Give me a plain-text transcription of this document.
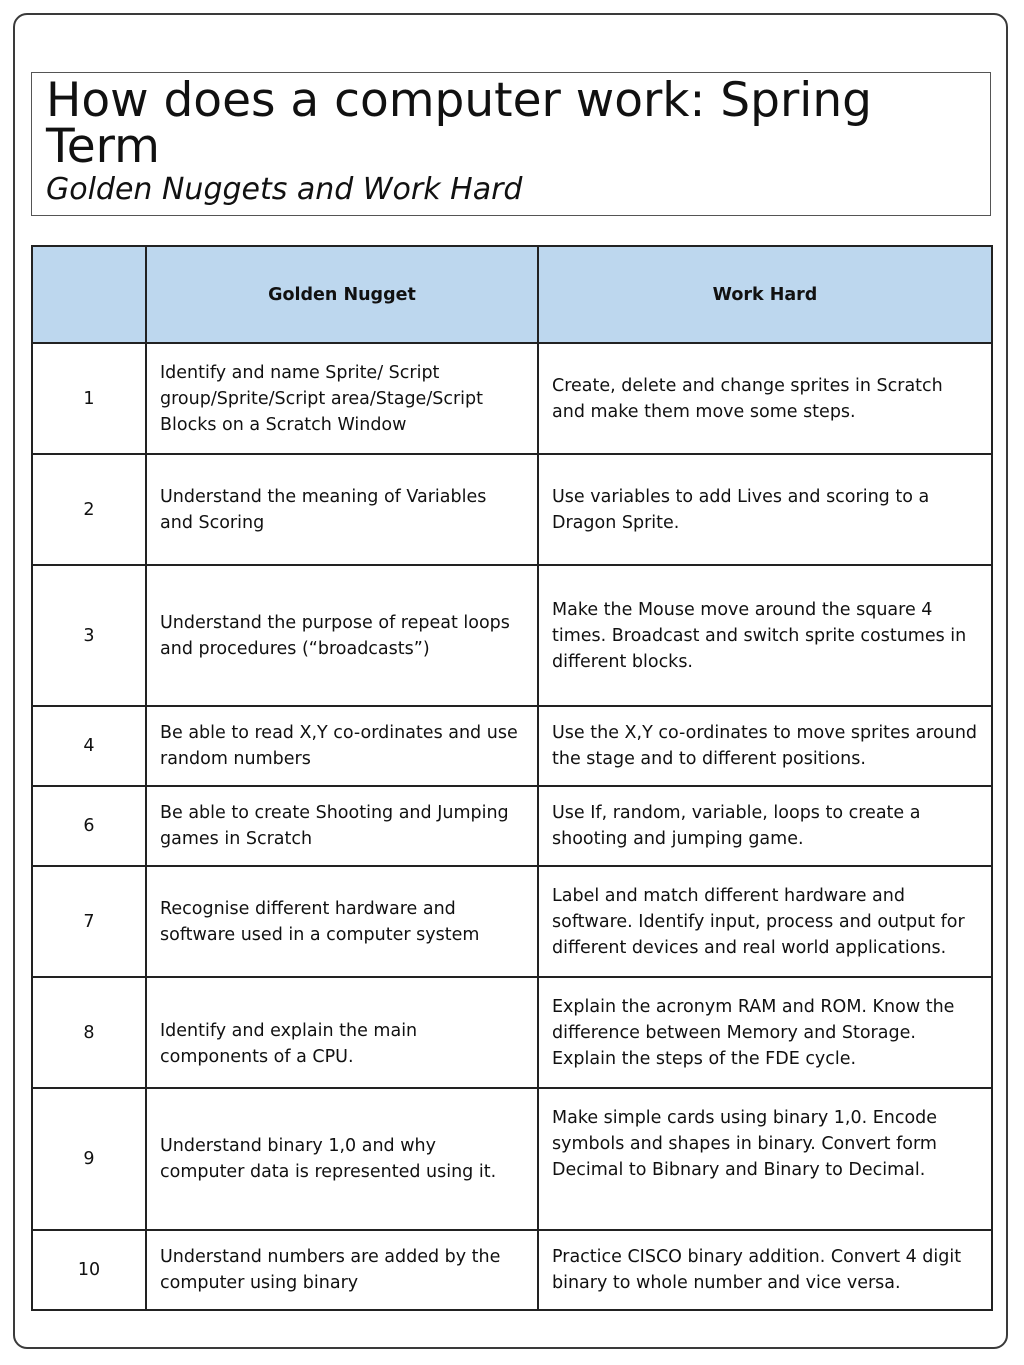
How does a computer work: Spring Term

Golden Nuggets and Work Hard

	Golden Nugget	Work Hard
1	Identify and name Sprite/ Script group/Sprite/Script area/Stage/Script Blocks on a Scratch Window	Create, delete and change sprites in Scratch and make them move some steps.
2	Understand the meaning of Variables and Scoring	Use variables to add Lives and scoring to a Dragon Sprite.
3	Understand the purpose of repeat loops and procedures (“broadcasts”)	Make the Mouse move around the square 4 times. Broadcast and switch sprite costumes in different blocks.
4	Be able to read X,Y co-ordinates and use random numbers	Use the X,Y co-ordinates to move sprites around the stage and to different positions.
6	Be able to create Shooting and Jumping games in Scratch	Use If, random, variable, loops to create a shooting and jumping game.
7	Recognise different hardware and software used in a computer system	Label and match different hardware and software. Identify input, process and output for different devices and real world applications.
8	Identify and explain the main components of a CPU.	Explain the acronym RAM and ROM. Know the difference between Memory and Storage. Explain the steps of the FDE cycle.
9	Understand binary 1,0 and why computer data is represented using it.	Make simple cards using binary 1,0. Encode symbols and shapes in binary. Convert form Decimal to Bibnary and Binary to Decimal.
10	Understand numbers are added by the computer using binary	Practice CISCO binary addition. Convert 4 digit binary to whole number and vice versa.
